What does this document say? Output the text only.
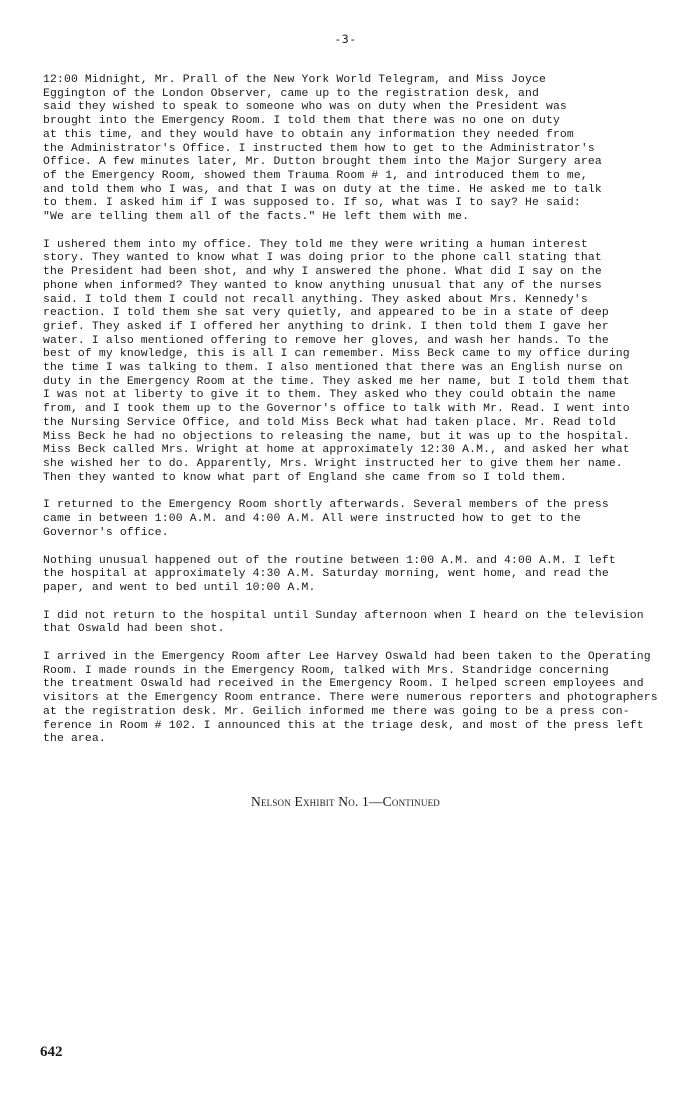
-3-
12:00 Midnight, Mr. Prall of the New York World Telegram, and Miss Joyce
Eggington of the London Observer, came up to the registration desk, and
said they wished to speak to someone who was on duty when the President was
brought into the Emergency Room. I told them that there was no one on duty
at this time, and they would have to obtain any information they needed from
the Administrator's Office. I instructed them how to get to the Administrator's
Office. A few minutes later, Mr. Dutton brought them into the Major Surgery area
of the Emergency Room, showed them Trauma Room # 1, and introduced them to me,
and told them who I was, and that I was on duty at the time. He asked me to talk
to them. I asked him if I was supposed to. If so, what was I to say? He said:
"We are telling them all of the facts." He left them with me.
I ushered them into my office. They told me they were writing a human interest
story. They wanted to know what I was doing prior to the phone call stating that
the President had been shot, and why I answered the phone. What did I say on the
phone when informed? They wanted to know anything unusual that any of the nurses
said. I told them I could not recall anything. They asked about Mrs. Kennedy's
reaction. I told them she sat very quietly, and appeared to be in a state of deep
grief. They asked if I offered her anything to drink. I then told them I gave her
water. I also mentioned offering to remove her gloves, and wash her hands. To the
best of my knowledge, this is all I can remember. Miss Beck came to my office during
the time I was talking to them. I also mentioned that there was an English nurse on
duty in the Emergency Room at the time. They asked me her name, but I told them that
I was not at liberty to give it to them. They asked who they could obtain the name
from, and I took them up to the Governor's office to talk with Mr. Read. I went into
the Nursing Service Office, and told Miss Beck what had taken place. Mr. Read told
Miss Beck he had no objections to releasing the name, but it was up to the hospital.
Miss Beck called Mrs. Wright at home at approximately 12:30 A.M., and asked her what
she wished her to do. Apparently, Mrs. Wright instructed her to give them her name.
Then they wanted to know what part of England she came from so I told them.
I returned to the Emergency Room shortly afterwards. Several members of the press
came in between 1:00 A.M. and 4:00 A.M. All were instructed how to get to the
Governor's office.
Nothing unusual happened out of the routine between 1:00 A.M. and 4:00 A.M. I left
the hospital at approximately 4:30 A.M. Saturday morning, went home, and read the
paper, and went to bed until 10:00 A.M.
I did not return to the hospital until Sunday afternoon when I heard on the television
that Oswald had been shot.
I arrived in the Emergency Room after Lee Harvey Oswald had been taken to the Operating
Room. I made rounds in the Emergency Room, talked with Mrs. Standridge concerning
the treatment Oswald had received in the Emergency Room. I helped screen employees and
visitors at the Emergency Room entrance. There were numerous reporters and photographers
at the registration desk. Mr. Geilich informed me there was going to be a press con-
ference in Room # 102. I announced this at the triage desk, and most of the press left
the area.
Nelson Exhibit No. 1—Continued
642
